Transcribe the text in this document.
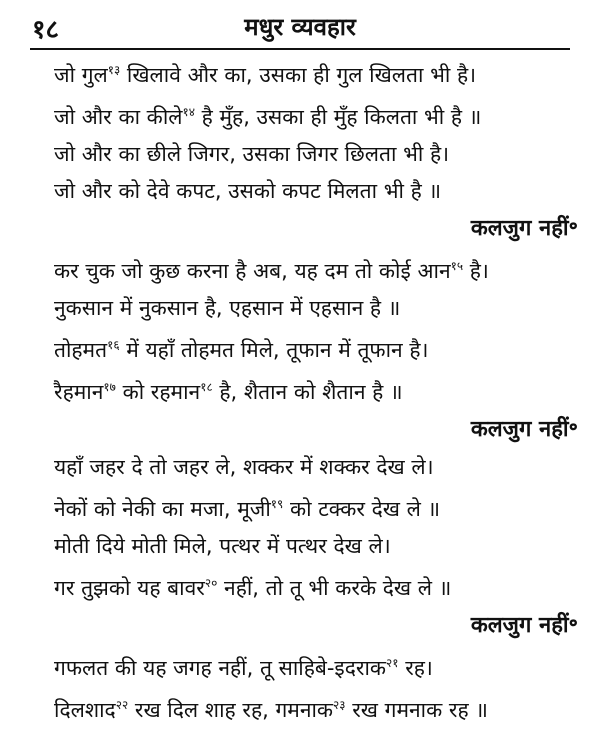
१८	मधुर व्यवहार
जो गुल$^{१३}$ खिलावे और का, उसका ही गुल खिलता भी है।
जो और का कीले$^{१४}$ है मुँह, उसका ही मुँह किलता भी है ॥
जो और का छीले जिगर, उसका जिगर छिलता भी है।
जो और को देवे कपट, उसको कपट मिलता भी है ॥
कलजुग नहीं॰
कर चुक जो कुछ करना है अब, यह दम तो कोई आन$^{१५}$ है।
नुकसान में नुकसान है, एहसान में एहसान है ॥
तोहमत$^{१६}$ में यहाँ तोहमत मिले, तूफान में तूफान है।
रैहमान$^{१७}$ को रहमान$^{१८}$ है, शैतान को शैतान है ॥
कलजुग नहीं॰
यहाँ जहर दे तो जहर ले, शक्कर में शक्कर देख ले।
नेकों को नेकी का मजा, मूजी$^{१९}$ को टक्कर देख ले ॥
मोती दिये मोती मिले, पत्थर में पत्थर देख ले।
गर तुझको यह बावर$^{२०}$ नहीं, तो तू भी करके देख ले ॥
कलजुग नहीं॰
गफलत की यह जगह नहीं, तू साहिबे-इदराक$^{२१}$ रह।
दिलशाद$^{२२}$ रख दिल शाह रह, गमनाक$^{२३}$ रख गमनाक रह ॥
